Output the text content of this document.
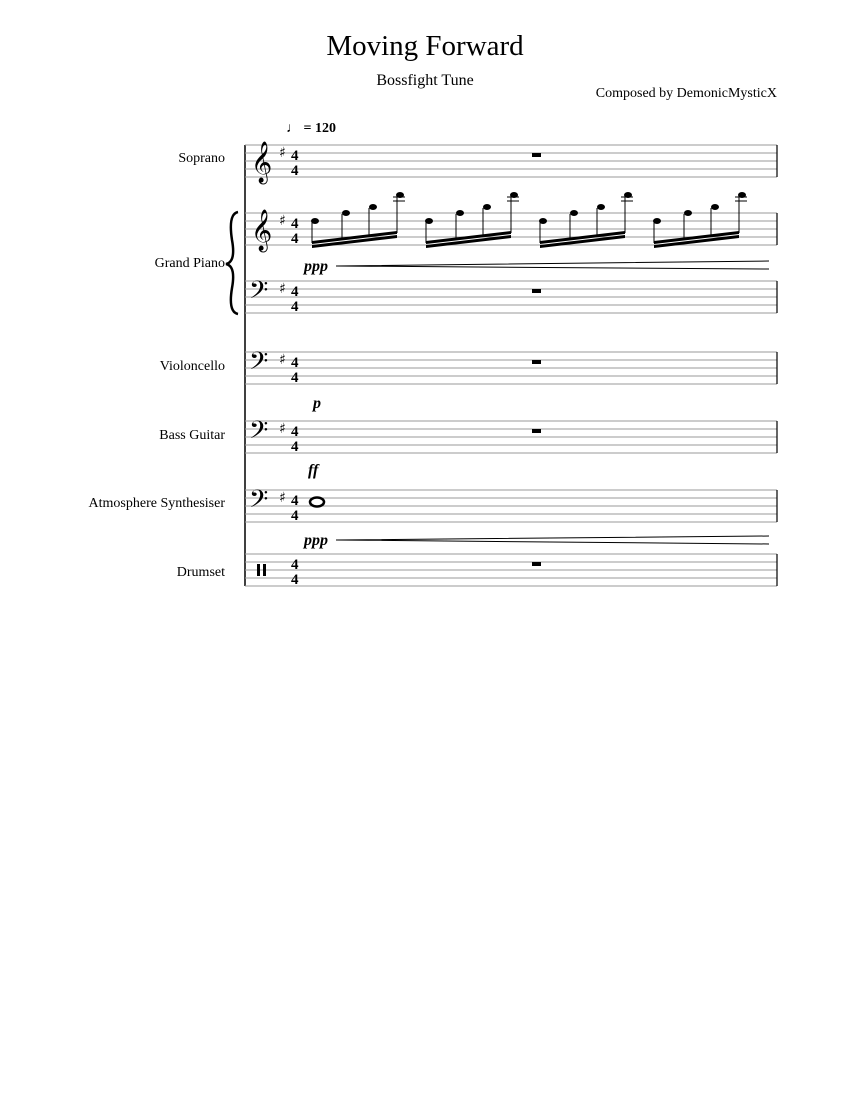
Moving Forward
Bossfight Tune
Composed by DemonicMysticX
♩ = 120
Soprano
Grand Piano
Violoncello
Bass Guitar
Atmosphere Synthesiser
Drumset
𝄞 ♯ 4
4
𝄞 ♯ 4
4
ppp
𝄢 ♯ 4
4
𝄢 ♯ 4
4
p
𝄢 ♯ 4
4
ff
𝄢 ♯ 4
4
ppp
4
4
